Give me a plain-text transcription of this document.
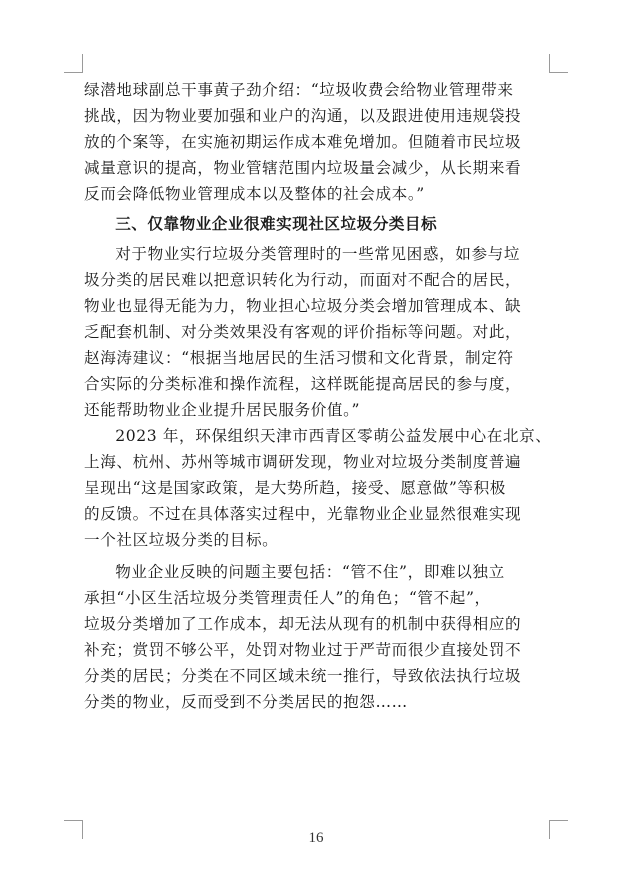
绿潜地球副总干事黄子劲介绍：“垃圾收费会给物业管理带来
挑战，因为物业要加强和业户的沟通，以及跟进使用违规袋投
放的个案等，在实施初期运作成本难免增加。但随着市民垃圾
减量意识的提高，物业管辖范围内垃圾量会减少，从长期来看
反而会降低物业管理成本以及整体的社会成本。”

三、仅靠物业企业很难实现社区垃圾分类目标

对于物业实行垃圾分类管理时的一些常见困惑，如参与垃
圾分类的居民难以把意识转化为行动，而面对不配合的居民，
物业也显得无能为力，物业担心垃圾分类会增加管理成本、缺
乏配套机制、对分类效果没有客观的评价指标等问题。对此，
赵海涛建议：“根据当地居民的生活习惯和文化背景，制定符
合实际的分类标准和操作流程，这样既能提高居民的参与度，
还能帮助物业企业提升居民服务价值。”

2023 年，环保组织天津市西青区零萌公益发展中心在北京、
上海、杭州、苏州等城市调研发现，物业对垃圾分类制度普遍
呈现出“这是国家政策，是大势所趋，接受、愿意做”等积极
的反馈。不过在具体落实过程中，光靠物业企业显然很难实现
一个社区垃圾分类的目标。

物业企业反映的问题主要包括：“管不住”，即难以独立
承担“小区生活垃圾分类管理责任人”的角色；“管不起”，
垃圾分类增加了工作成本，却无法从现有的机制中获得相应的
补充；赏罚不够公平，处罚对物业过于严苛而很少直接处罚不
分类的居民；分类在不同区域未统一推行，导致依法执行垃圾
分类的物业，反而受到不分类居民的抱怨……

16
